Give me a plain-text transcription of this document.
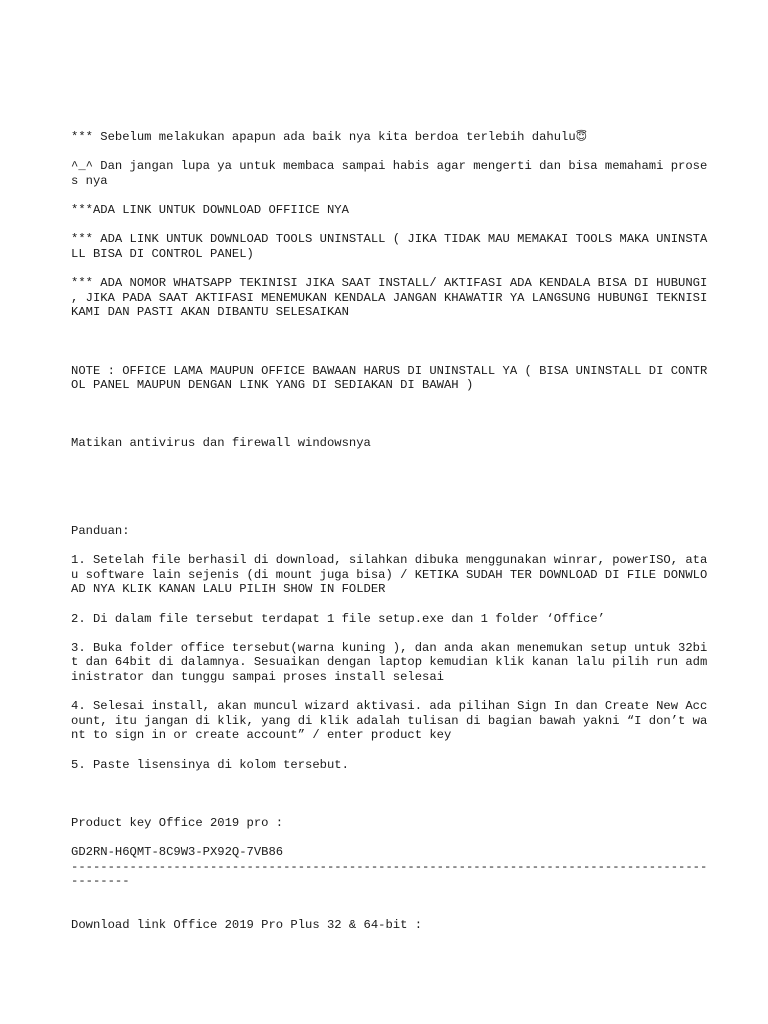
*** Sebelum melakukan apapun ada baik nya kita berdoa terlebih dahulu😇

^_^ Dan jangan lupa ya untuk membaca sampai habis agar mengerti dan bisa memahami proses nya

***ADA LINK UNTUK DOWNLOAD OFFIICE NYA

*** ADA LINK UNTUK DOWNLOAD TOOLS UNINSTALL ( JIKA TIDAK MAU MEMAKAI TOOLS MAKA UNINSTALL BISA DI CONTROL PANEL)

*** ADA NOMOR WHATSAPP TEKINISI JIKA SAAT INSTALL/ AKTIFASI ADA KENDALA BISA DI HUBUNGI , JIKA PADA SAAT AKTIFASI MENEMUKAN KENDALA JANGAN KHAWATIR YA LANGSUNG HUBUNGI TEKNISI KAMI DAN PASTI AKAN DIBANTU SELESAIKAN

NOTE : OFFICE LAMA MAUPUN OFFICE BAWAAN HARUS DI UNINSTALL YA ( BISA UNINSTALL DI CONTROL PANEL MAUPUN DENGAN LINK YANG DI SEDIAKAN DI BAWAH )

Matikan antivirus dan firewall windowsnya

Panduan:

1. Setelah file berhasil di download, silahkan dibuka menggunakan winrar, powerISO, atau software lain sejenis (di mount juga bisa) / KETIKA SUDAH TER DOWNLOAD DI FILE DONWLOAD NYA KLIK KANAN LALU PILIH SHOW IN FOLDER

2. Di dalam file tersebut terdapat 1 file setup.exe dan 1 folder ‘Office’

3. Buka folder office tersebut(warna kuning ), dan anda akan menemukan setup untuk 32bit dan 64bit di dalamnya. Sesuaikan dengan laptop kemudian klik kanan lalu pilih run administrator dan tunggu sampai proses install selesai

4. Selesai install, akan muncul wizard aktivasi. ada pilihan Sign In dan Create New Account, itu jangan di klik, yang di klik adalah tulisan di bagian bawah yakni “I don’t want to sign in or create account” / enter product key

5. Paste lisensinya di kolom tersebut.

Product key Office 2019 pro :

GD2RN-H6QMT-8C9W3-PX92Q-7VB86
-----------------------------------------------------------------------------------------------

Download link Office 2019 Pro Plus 32 & 64-bit :
